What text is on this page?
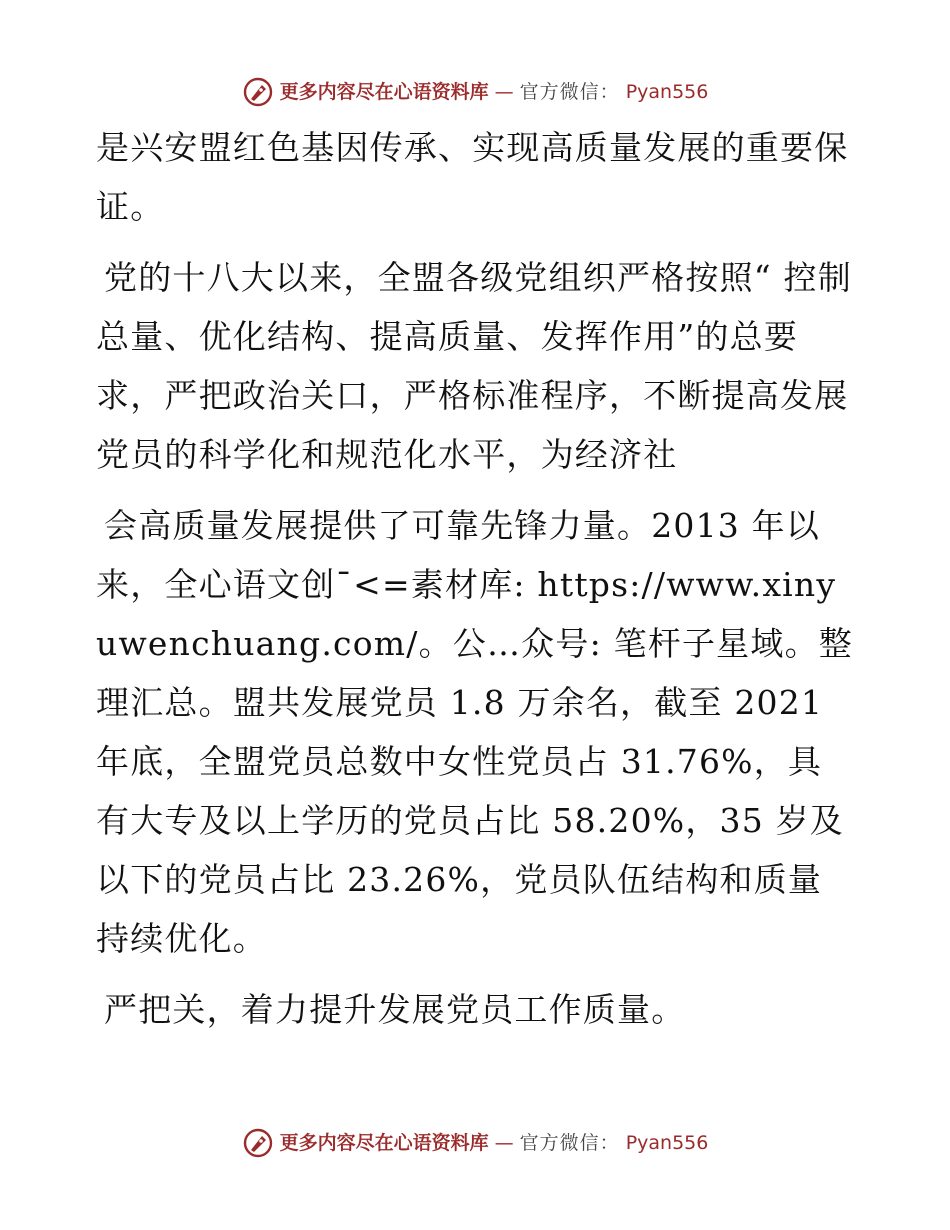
更多内容尽在心语资料库 — 官方微信： Pyan556

是兴安盟红色基因传承、实现高质量发展的重要保证。

党的十八大以来，全盟各级党组织严格按照“ 控制总量、优化结构、提高质量、发挥作用”的总要求，严把政治关口，严格标准程序，不断提高发展党员的科学化和规范化水平，为经济社

会高质量发展提供了可靠先锋力量。2013 年以来，全心语文创¯<=素材库: https://www.xinyuwenchuang.com/。公…众号: 笔杆子星域。整理汇总。盟共发展党员 1.8 万余名，截至 2021 年底，全盟党员总数中女性党员占 31.76%，具有大专及以上学历的党员占比 58.20%，35 岁及以下的党员占比 23.26%，党员队伍结构和质量持续优化。

严把关，着力提升发展党员工作质量。

更多内容尽在心语资料库 — 官方微信： Pyan556
